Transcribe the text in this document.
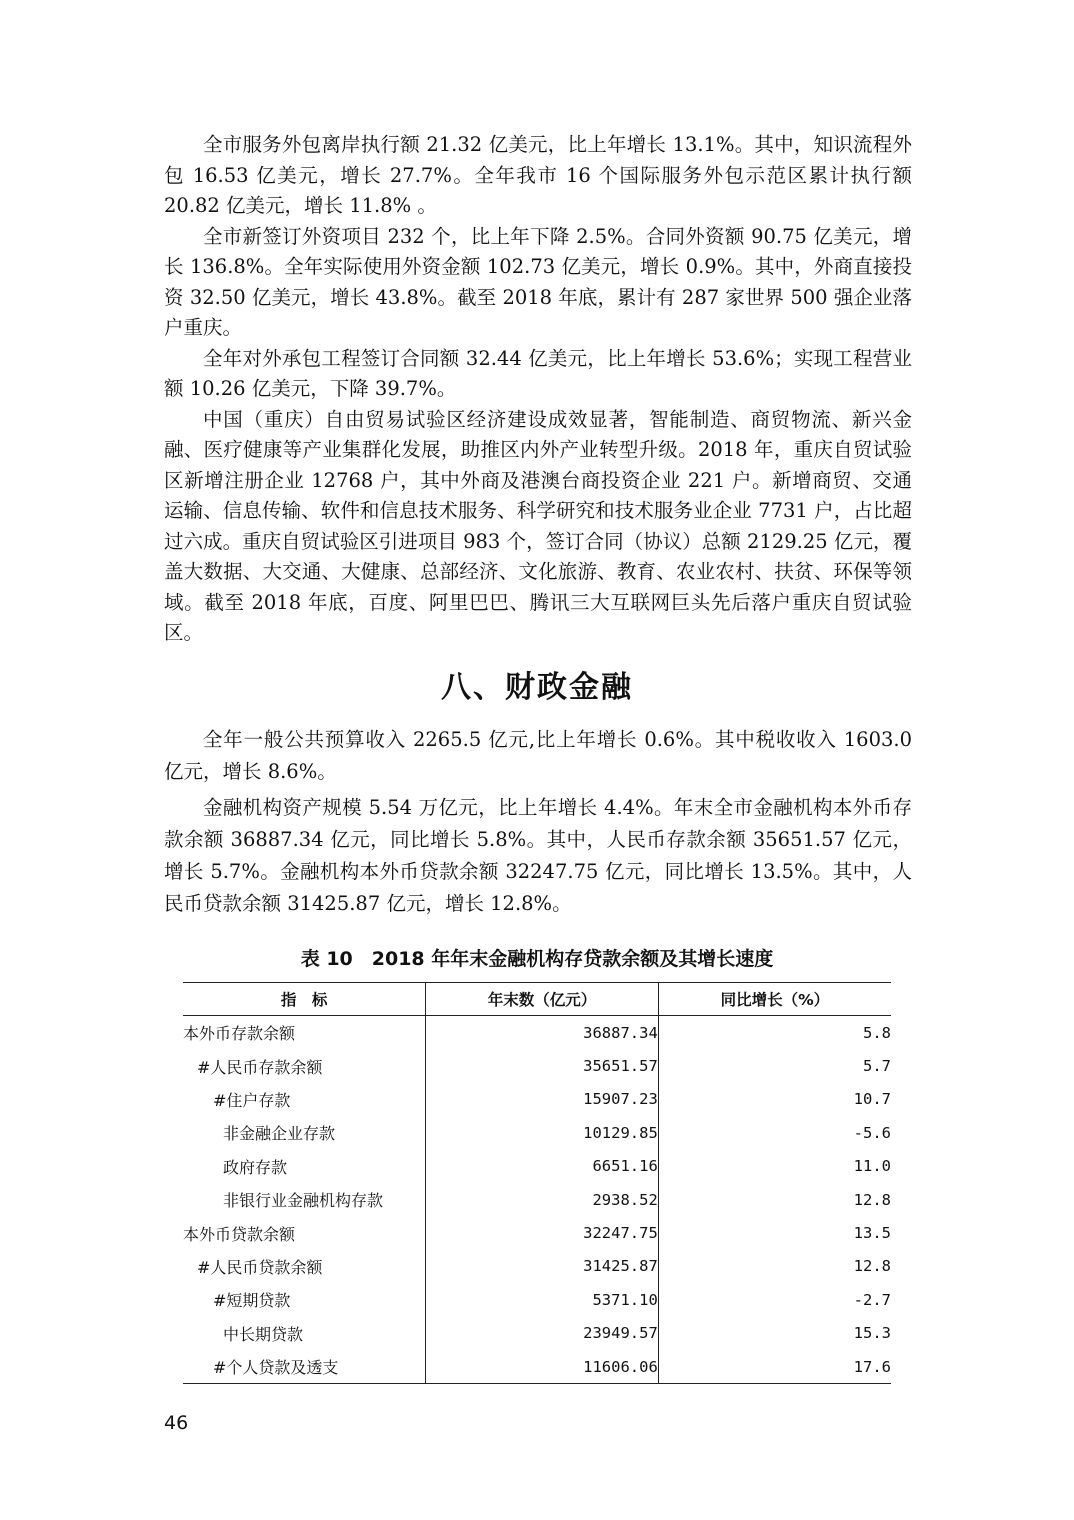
全市服务外包离岸执行额 21.32 亿美元，比上年增长 13.1%。其中，知识流程外包 16.53 亿美元，增长 27.7%。全年我市 16 个国际服务外包示范区累计执行额 20.82 亿美元，增长 11.8% 。

全市新签订外资项目 232 个，比上年下降 2.5%。合同外资额 90.75 亿美元，增长 136.8%。全年实际使用外资金额 102.73 亿美元，增长 0.9%。其中，外商直接投资 32.50 亿美元，增长 43.8%。截至 2018 年底，累计有 287 家世界 500 强企业落户重庆。

全年对外承包工程签订合同额 32.44 亿美元，比上年增长 53.6%；实现工程营业额 10.26 亿美元，下降 39.7%。

中国（重庆）自由贸易试验区经济建设成效显著，智能制造、商贸物流、新兴金融、医疗健康等产业集群化发展，助推区内外产业转型升级。2018 年，重庆自贸试验区新增注册企业 12768 户，其中外商及港澳台商投资企业 221 户。新增商贸、交通运输、信息传输、软件和信息技术服务、科学研究和技术服务业企业 7731 户，占比超过六成。重庆自贸试验区引进项目 983 个，签订合同（协议）总额 2129.25 亿元，覆盖大数据、大交通、大健康、总部经济、文化旅游、教育、农业农村、扶贫、环保等领域。截至 2018 年底，百度、阿里巴巴、腾讯三大互联网巨头先后落户重庆自贸试验区。

八、财政金融

全年一般公共预算收入 2265.5 亿元,比上年增长 0.6%。其中税收收入 1603.0 亿元，增长 8.6%。

金融机构资产规模 5.54 万亿元，比上年增长 4.4%。年末全市金融机构本外币存款余额 36887.34 亿元，同比增长 5.8%。其中，人民币存款余额 35651.57 亿元，增长 5.7%。金融机构本外币贷款余额 32247.75 亿元，同比增长 13.5%。其中，人民币贷款余额 31425.87 亿元，增长 12.8%。

表 10　2018 年年末金融机构存贷款余额及其增长速度
指　标	年末数（亿元）	同比增长（%）
本外币存款余额	36887.34	5.8
#人民币存款余额	35651.57	5.7
#住户存款	15907.23	10.7
非金融企业存款	10129.85	-5.6
政府存款	6651.16	11.0
非银行业金融机构存款	2938.52	12.8
本外币贷款余额	32247.75	13.5
#人民币贷款余额	31425.87	12.8
#短期贷款	5371.10	-2.7
中长期贷款	23949.57	15.3
#个人贷款及透支	11606.06	17.6
46
